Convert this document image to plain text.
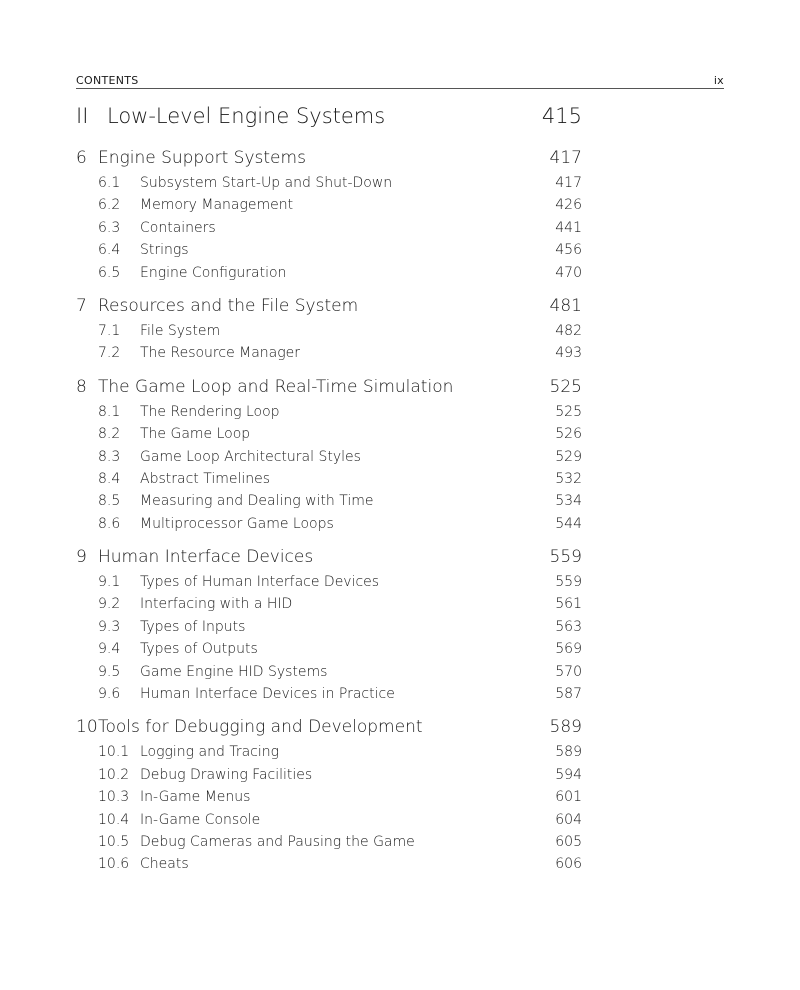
CONTENTS	ix
II Low-Level Engine Systems	415
6 Engine Support Systems	417
6.1 Subsystem Start-Up and Shut-Down	417
6.2 Memory Management	426
6.3 Containers	441
6.4 Strings	456
6.5 Engine Configuration	470
7 Resources and the File System	481
7.1 File System	482
7.2 The Resource Manager	493
8 The Game Loop and Real-Time Simulation	525
8.1 The Rendering Loop	525
8.2 The Game Loop	526
8.3 Game Loop Architectural Styles	529
8.4 Abstract Timelines	532
8.5 Measuring and Dealing with Time	534
8.6 Multiprocessor Game Loops	544
9 Human Interface Devices	559
9.1 Types of Human Interface Devices	559
9.2 Interfacing with a HID	561
9.3 Types of Inputs	563
9.4 Types of Outputs	569
9.5 Game Engine HID Systems	570
9.6 Human Interface Devices in Practice	587
10 Tools for Debugging and Development	589
10.1 Logging and Tracing	589
10.2 Debug Drawing Facilities	594
10.3 In-Game Menus	601
10.4 In-Game Console	604
10.5 Debug Cameras and Pausing the Game	605
10.6 Cheats	606
